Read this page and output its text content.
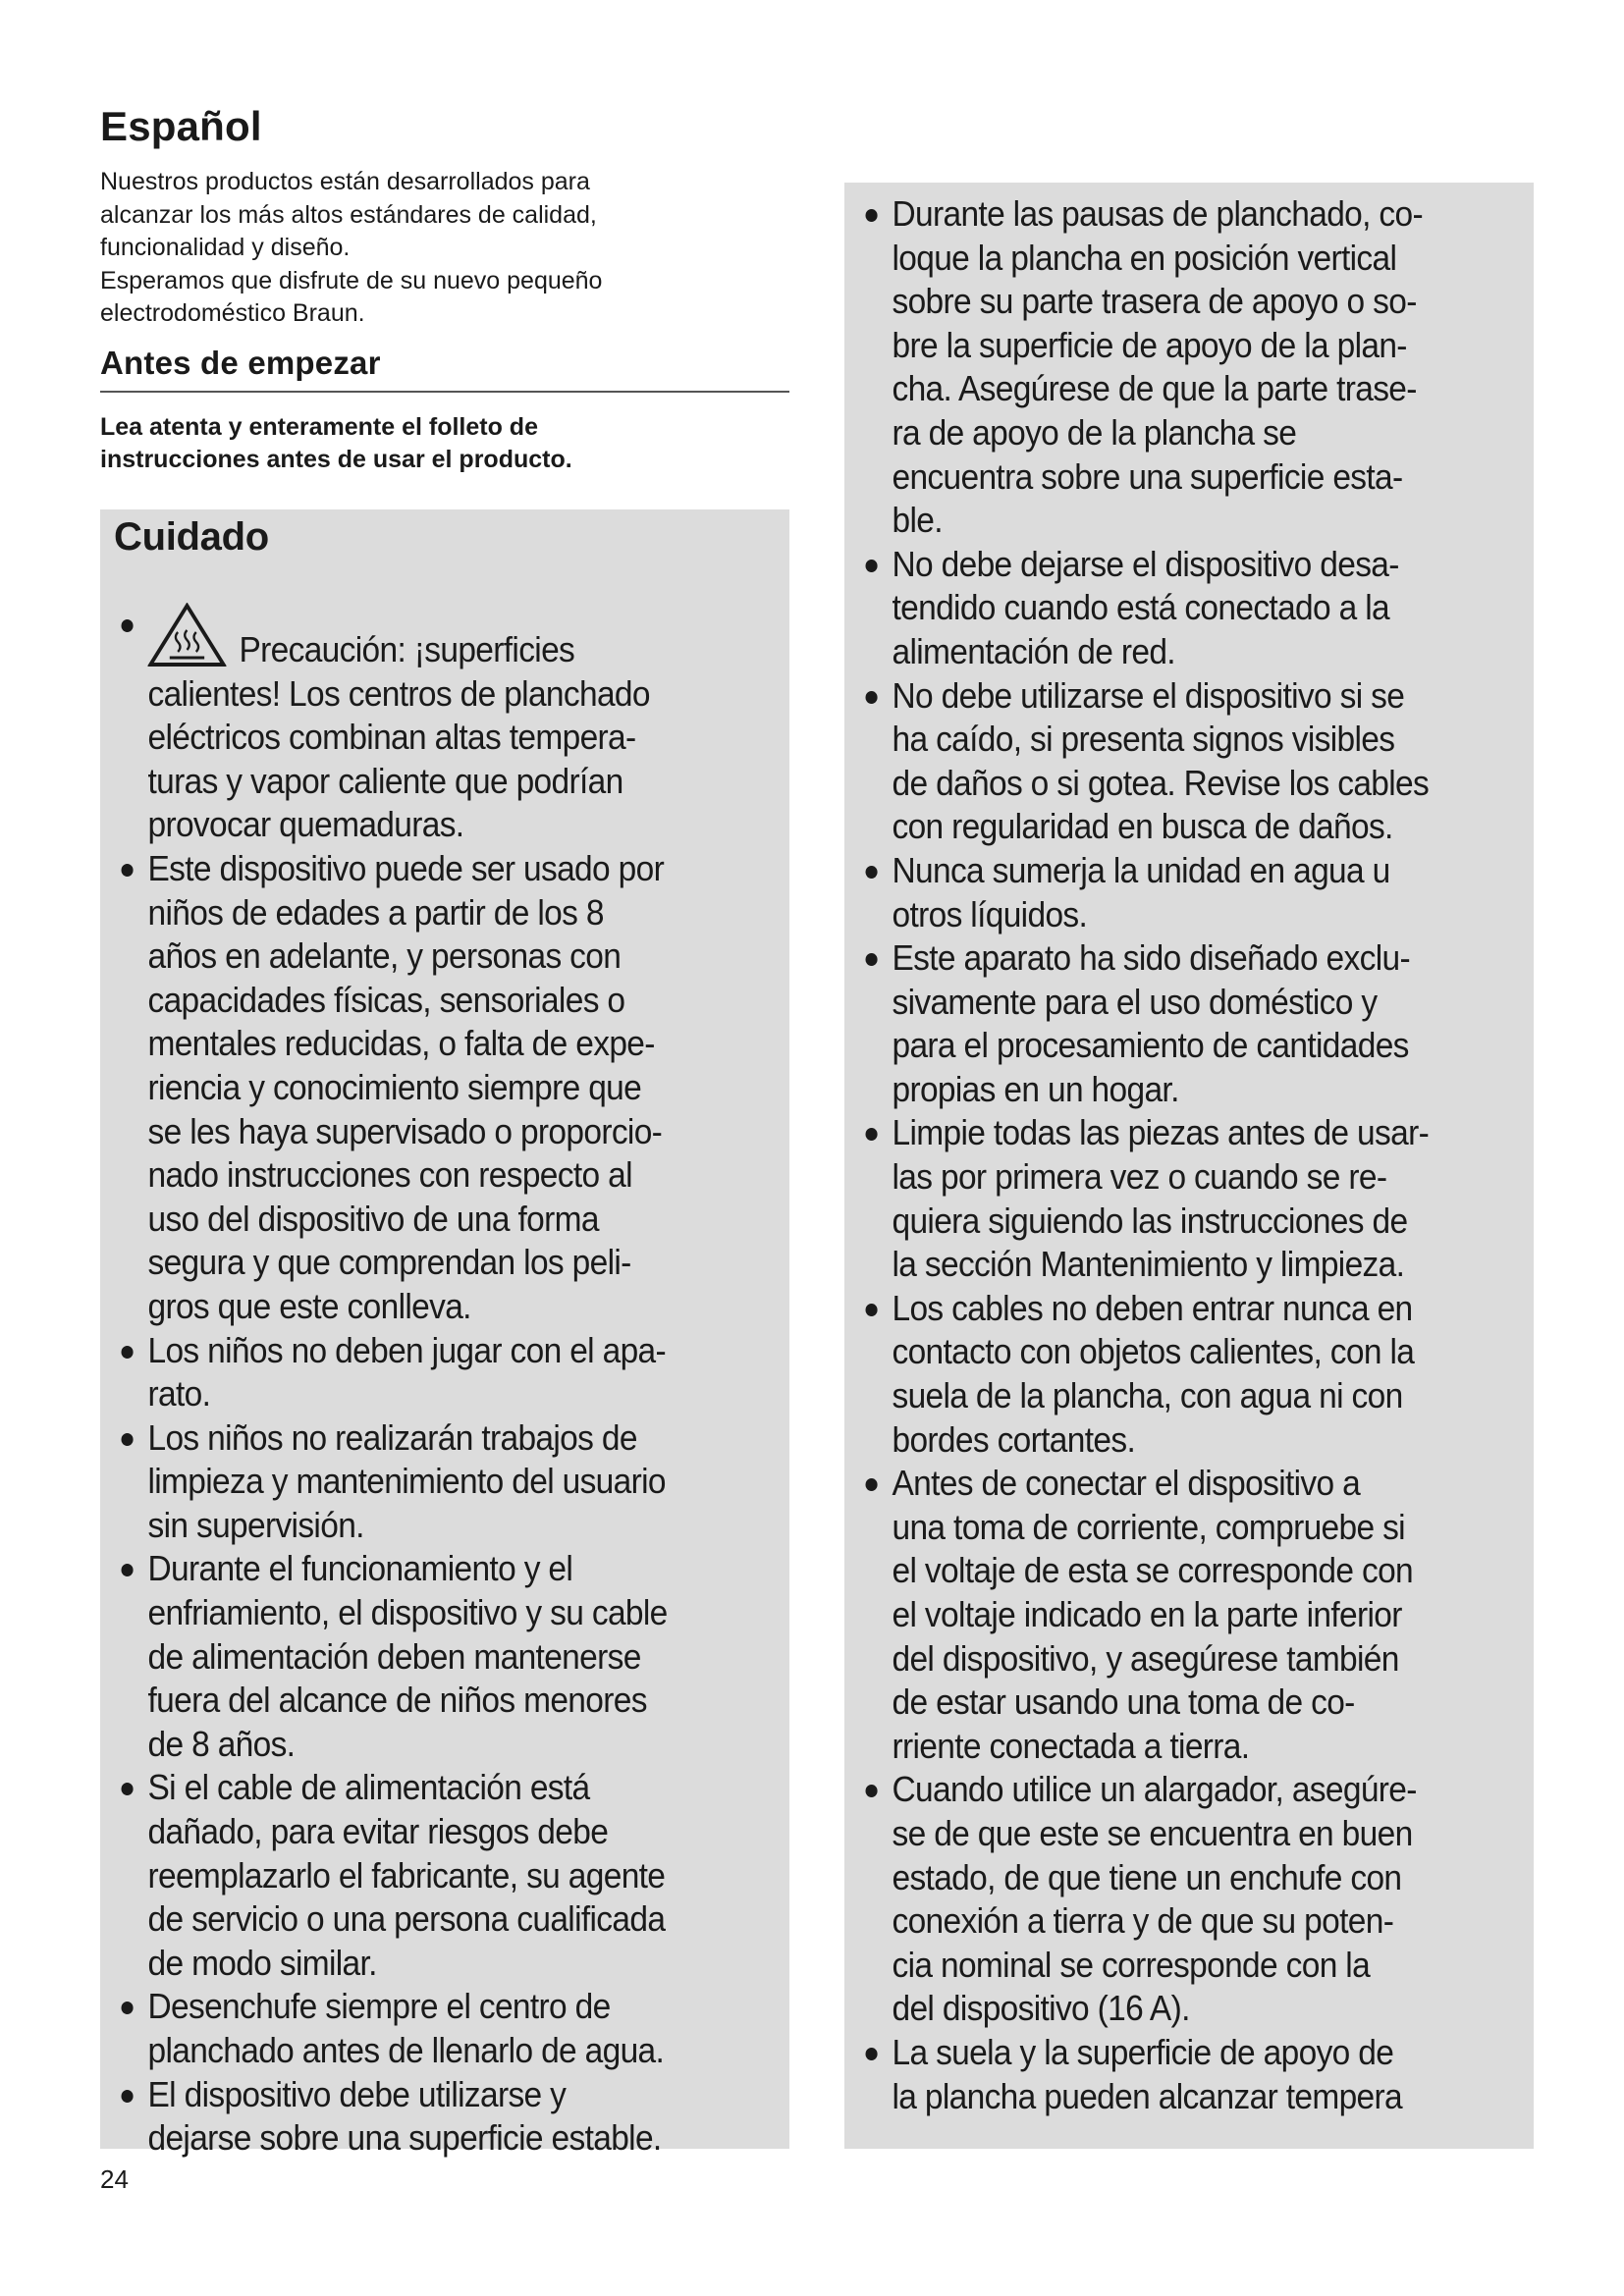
Español

Nuestros productos están desarrollados para

alcanzar los más altos estándares de calidad,

funcionalidad y diseño.

Esperamos que disfrute de su nuevo pequeño

electrodoméstico Braun.

Antes de empezar
Lea atenta y enteramente el folleto de
instrucciones antes de usar el producto.
Cuidado
Precaución: ¡superficies
calientes! Los centros de planchado
eléctricos combinan altas tempera-
turas y vapor caliente que podrían
provocar quemaduras.
Este dispositivo puede ser usado por
niños de edades a partir de los 8
años en adelante, y personas con
capacidades físicas, sensoriales o
mentales reducidas, o falta de expe-
riencia y conocimiento siempre que
se les haya supervisado o proporcio-
nado instrucciones con respecto al
uso del dispositivo de una forma
segura y que comprendan los peli-
gros que este conlleva.
Los niños no deben jugar con el apa-
rato.
Los niños no realizarán trabajos de
limpieza y mantenimiento del usuario
sin supervisión.
Durante el funcionamiento y el
enfriamiento, el dispositivo y su cable
de alimentación deben mantenerse
fuera del alcance de niños menores
de 8 años.
Si el cable de alimentación está
dañado, para evitar riesgos debe
reemplazarlo el fabricante, su agente
de servicio o una persona cualificada
de modo similar.
Desenchufe siempre el centro de
planchado antes de llenarlo de agua.
El dispositivo debe utilizarse y
dejarse sobre una superficie estable.
Durante las pausas de planchado, co-
loque la plancha en posición vertical
sobre su parte trasera de apoyo o so-
bre la superficie de apoyo de la plan-
cha. Asegúrese de que la parte trase-
ra de apoyo de la plancha se
encuentra sobre una superficie esta-
ble.
No debe dejarse el dispositivo desa-
tendido cuando está conectado a la
alimentación de red.
No debe utilizarse el dispositivo si se
ha caído, si presenta signos visibles
de daños o si gotea. Revise los cables
con regularidad en busca de daños.
Nunca sumerja la unidad en agua u
otros líquidos.
Este aparato ha sido diseñado exclu-
sivamente para el uso doméstico y
para el procesamiento de cantidades
propias en un hogar.
Limpie todas las piezas antes de usar-
las por primera vez o cuando se re-
quiera siguiendo las instrucciones de
la sección Mantenimiento y limpieza.
Los cables no deben entrar nunca en
contacto con objetos calientes, con la
suela de la plancha, con agua ni con
bordes cortantes.
Antes de conectar el dispositivo a
una toma de corriente, compruebe si
el voltaje de esta se corresponde con
el voltaje indicado en la parte inferior
del dispositivo, y asegúrese también
de estar usando una toma de co-
rriente conectada a tierra.
Cuando utilice un alargador, asegúre-
se de que este se encuentra en buen
estado, de que tiene un enchufe con
conexión a tierra y de que su poten-
cia nominal se corresponde con la
del dispositivo (16 A).
La suela y la superficie de apoyo de
la plancha pueden alcanzar tempera
24
